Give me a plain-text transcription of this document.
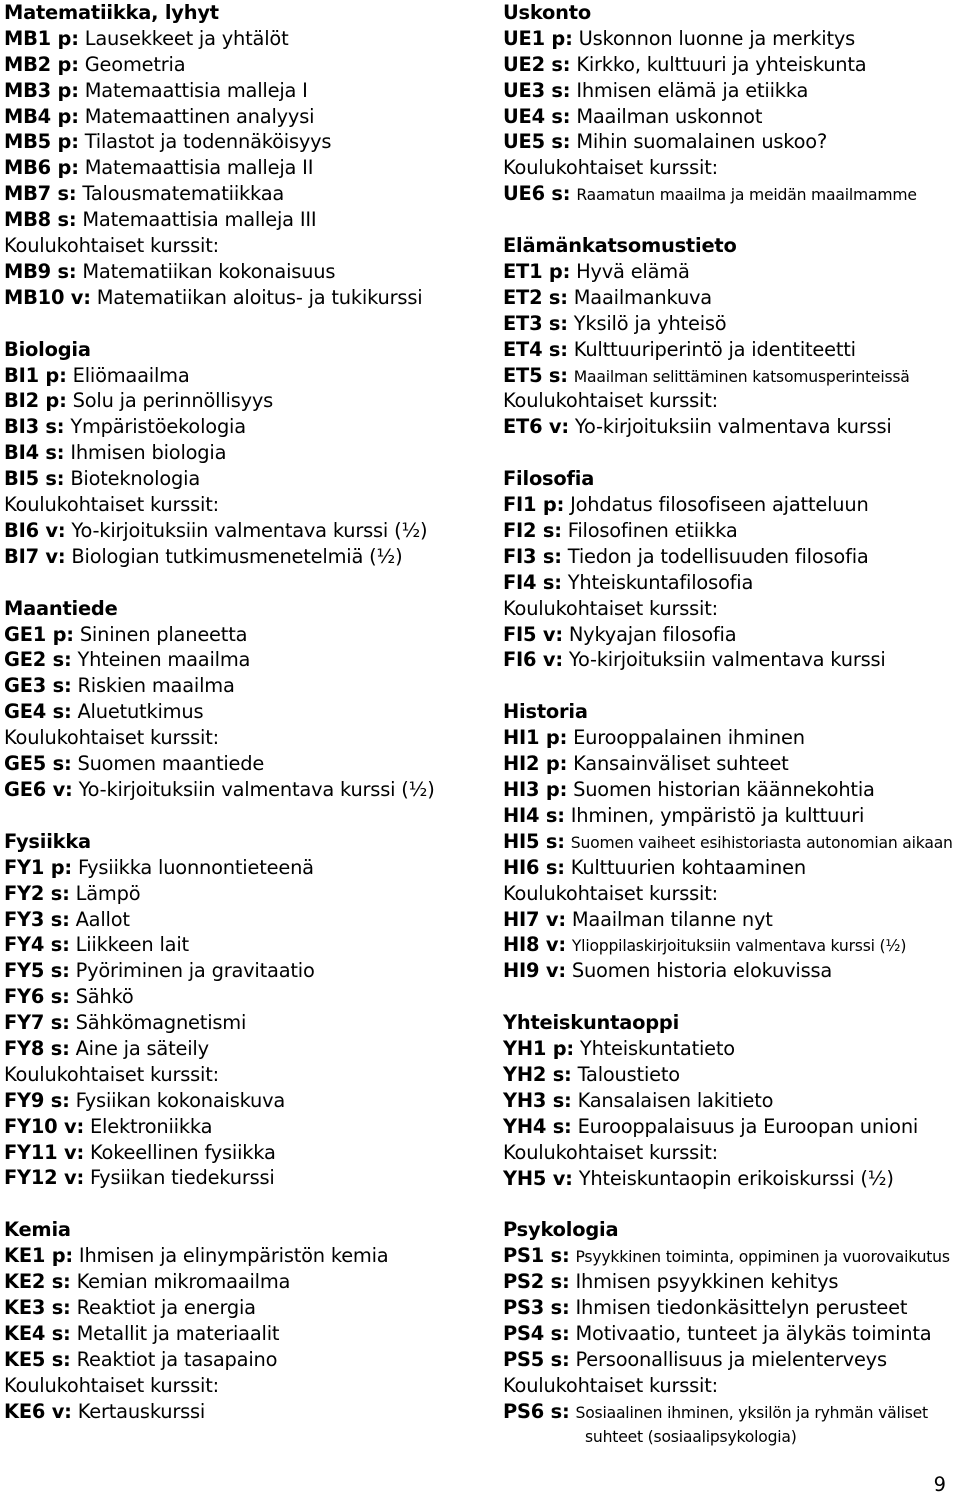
Matematiikka, lyhyt
MB1 p: Lausekkeet ja yhtälöt
MB2 p: Geometria
MB3 p: Matemaattisia malleja I
MB4 p: Matemaattinen analyysi
MB5 p: Tilastot ja todennäköisyys
MB6 p: Matemaattisia malleja II
MB7 s: Talousmatematiikkaa
MB8 s: Matemaattisia malleja III
Koulukohtaiset kurssit:
MB9 s: Matematiikan kokonaisuus
MB10 v: Matematiikan aloitus- ja tukikurssi
Biologia
BI1 p: Eliömaailma
BI2 p: Solu ja perinnöllisyys
BI3 s: Ympäristöekologia
BI4 s: Ihmisen biologia
BI5 s: Bioteknologia
Koulukohtaiset kurssit:
BI6 v: Yo-kirjoituksiin valmentava kurssi (½)
BI7 v: Biologian tutkimusmenetelmiä (½)
Maantiede
GE1 p: Sininen planeetta
GE2 s: Yhteinen maailma
GE3 s: Riskien maailma
GE4 s: Aluetutkimus
Koulukohtaiset kurssit:
GE5 s: Suomen maantiede
GE6 v: Yo-kirjoituksiin valmentava kurssi (½)
Fysiikka
FY1 p: Fysiikka luonnontieteenä
FY2 s: Lämpö
FY3 s: Aallot
FY4 s: Liikkeen lait
FY5 s: Pyöriminen ja gravitaatio
FY6 s: Sähkö
FY7 s: Sähkömagnetismi
FY8 s: Aine ja säteily
Koulukohtaiset kurssit:
FY9 s: Fysiikan kokonaiskuva
FY10 v: Elektroniikka
FY11 v: Kokeellinen fysiikka
FY12 v: Fysiikan tiedekurssi
Kemia
KE1 p: Ihmisen ja elinympäristön kemia
KE2 s: Kemian mikromaailma
KE3 s: Reaktiot ja energia
KE4 s: Metallit ja materiaalit
KE5 s: Reaktiot ja tasapaino
Koulukohtaiset kurssit:
KE6 v: Kertauskurssi
Uskonto
UE1 p: Uskonnon luonne ja merkitys
UE2 s: Kirkko, kulttuuri ja yhteiskunta
UE3 s: Ihmisen elämä ja etiikka
UE4 s: Maailman uskonnot
UE5 s: Mihin suomalainen uskoo?
Koulukohtaiset kurssit:
UE6 s: Raamatun maailma ja meidän maailmamme
Elämänkatsomustieto
ET1 p: Hyvä elämä
ET2 s: Maailmankuva
ET3 s: Yksilö ja yhteisö
ET4 s: Kulttuuriperintö ja identiteetti
ET5 s: Maailman selittäminen katsomusperinteissä
Koulukohtaiset kurssit:
ET6 v: Yo-kirjoituksiin valmentava kurssi
Filosofia
FI1 p: Johdatus filosofiseen ajatteluun
FI2 s: Filosofinen etiikka
FI3 s: Tiedon ja todellisuuden filosofia
FI4 s: Yhteiskuntafilosofia
Koulukohtaiset kurssit:
FI5 v: Nykyajan filosofia
FI6 v: Yo-kirjoituksiin valmentava kurssi
Historia
HI1 p: Eurooppalainen ihminen
HI2 p: Kansainväliset suhteet
HI3 p: Suomen historian käännekohtia
HI4 s: Ihminen, ympäristö ja kulttuuri
HI5 s: Suomen vaiheet esihistoriasta autonomian aikaan
HI6 s: Kulttuurien kohtaaminen
Koulukohtaiset kurssit:
HI7 v: Maailman tilanne nyt
HI8 v: Ylioppilaskirjoituksiin valmentava kurssi (½)
HI9 v: Suomen historia elokuvissa
Yhteiskuntaoppi
YH1 p: Yhteiskuntatieto
YH2 s: Taloustieto
YH3 s: Kansalaisen lakitieto
YH4 s: Eurooppalaisuus ja Euroopan unioni
Koulukohtaiset kurssit:
YH5 v: Yhteiskuntaopin erikoiskurssi (½)
Psykologia
PS1 s: Psyykkinen toiminta, oppiminen ja vuorovaikutus
PS2 s: Ihmisen psyykkinen kehitys
PS3 s: Ihmisen tiedonkäsittelyn perusteet
PS4 s: Motivaatio, tunteet ja älykäs toiminta
PS5 s: Persoonallisuus ja mielenterveys
Koulukohtaiset kurssit:
PS6 s: Sosiaalinen ihminen, yksilön ja ryhmän väliset
suhteet (sosiaalipsykologia)
9
